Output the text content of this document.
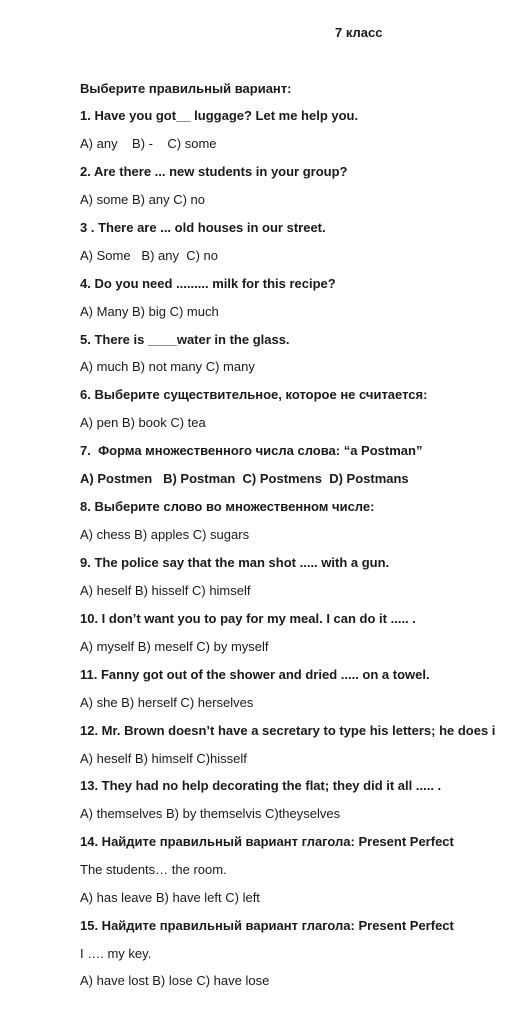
7 класс
Выберите правильный вариант:
1. Have you got__ luggage? Let me help you.
A) any    B) -    C) some
2. Are there ... new students in your group?
A) some B) any C) no
3 . There are ... old houses in our street.
A) Some   B) any  C) no
4. Do you need ......... milk for this recipe?
A) Many B) big C) much
5. There is ____water in the glass.
A) much B) not many C) many
6. Выберите существительное, которое не считается:
A) pen B) book C) tea
7.  Форма множественного числа слова: “a Postman”
A) Postmen   B) Postman  C) Postmens  D) Postmans
8. Выберите слово во множественном числе:
A) chess B) apples C) sugars
9. The police say that the man shot ..... with a gun.
A) heself B) hisself C) himself
10. I don’t want you to pay for my meal. I can do it ..... .
A) myself B) meself C) by myself
11. Fanny got out of the shower and dried ..... on a towel.
A) she B) herself C) herselves
12. Mr. Brown doesn’t have a secretary to type his letters; he does i
A) heself B) himself C)hisself
13. They had no help decorating the flat; they did it all ..... .
A) themselves B) by themselvis C)theyselves
14. Найдите правильный вариант глагола: Present Perfect
The students… the room.
A) has leave B) have left C) left
15. Найдите правильный вариант глагола: Present Perfect
I …. my key.
A) have lost B) lose C) have lose
